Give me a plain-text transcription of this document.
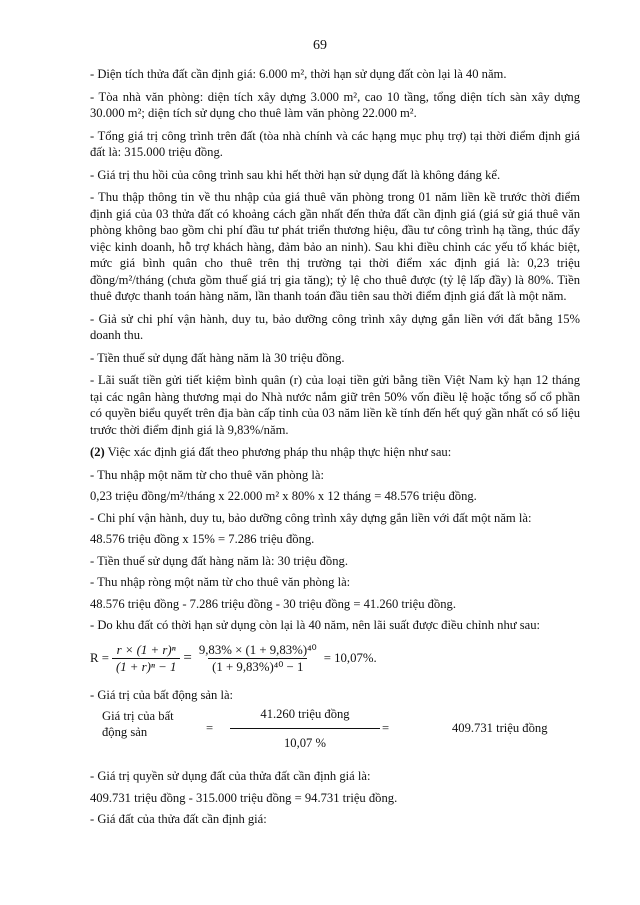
69

- Diện tích thửa đất cần định giá: 6.000 m², thời hạn sử dụng đất còn lại là 40 năm.

- Tòa nhà văn phòng: diện tích xây dựng 3.000 m², cao 10 tầng, tổng diện tích sàn xây dựng 30.000 m²; diện tích sử dụng cho thuê làm văn phòng 22.000 m².

- Tổng giá trị công trình trên đất (tòa nhà chính và các hạng mục phụ trợ) tại thời điểm định giá đất là: 315.000 triệu đồng.

- Giá trị thu hồi của công trình sau khi hết thời hạn sử dụng đất là không đáng kể.

- Thu thập thông tin về thu nhập của giá thuê văn phòng trong 01 năm liền kề trước thời điểm định giá của 03 thửa đất có khoảng cách gần nhất đến thửa đất cần định giá (giá sử giá thuê văn phòng không bao gồm chi phí đầu tư phát triển thương hiệu, đầu tư công trình hạ tầng, thúc đẩy việc kinh doanh, hỗ trợ khách hàng, đảm bảo an ninh). Sau khi điều chỉnh các yếu tố khác biệt, mức giá bình quân cho thuê trên thị trường tại thời điểm xác định giá là: 0,23 triệu đồng/m²/tháng (chưa gồm thuế giá trị gia tăng); tỷ lệ cho thuê được (tỷ lệ lấp đầy) là 80%. Tiền thuê được thanh toán hàng năm, lần thanh toán đầu tiên sau thời điểm định giá đất là một năm.

- Giả sử chi phí vận hành, duy tu, bảo dưỡng công trình xây dựng gắn liền với đất bằng 15% doanh thu.

- Tiền thuế sử dụng đất hàng năm là 30 triệu đồng.

- Lãi suất tiền gửi tiết kiệm bình quân (r) của loại tiền gửi bằng tiền Việt Nam kỳ hạn 12 tháng tại các ngân hàng thương mại do Nhà nước nắm giữ trên 50% vốn điều lệ hoặc tổng số cổ phần có quyền biểu quyết trên địa bàn cấp tỉnh của 03 năm liền kề tính đến hết quý gần nhất có số liệu trước thời điểm định giá là 9,83%/năm.

(2) Việc xác định giá đất theo phương pháp thu nhập thực hiện như sau:

- Thu nhập một năm từ cho thuê văn phòng là:

0,23 triệu đồng/m²/tháng x 22.000 m² x 80% x 12 tháng = 48.576 triệu đồng.

- Chi phí vận hành, duy tu, bảo dưỡng công trình xây dựng gắn liền với đất một năm là:

48.576 triệu đồng x 15% = 7.286 triệu đồng.

- Tiền thuế sử dụng đất hàng năm là: 30 triệu đồng.

- Thu nhập ròng một năm từ cho thuê văn phòng là:

48.576 triệu đồng - 7.286 triệu đồng - 30 triệu đồng = 41.260 triệu đồng.

- Do khu đất có thời hạn sử dụng còn lại là 40 năm, nên lãi suất được điều chỉnh như sau:

$R = \frac{\text{r × (1 + r)ⁿ}}{\text{(1 + r)ⁿ − 1}} = \frac{\text{9,83\% × (1 + 9,83\%)⁴⁰}}{\text{(1 + 9,83\%)⁴⁰ − 1}} = 10,07\%$.

- Giá trị của bất động sản là:

Giá trị của bất động sản	=
41.260 triệu đồng
10,07 %
=	409.731 triệu đồng

- Giá trị quyền sử dụng đất của thửa đất cần định giá là:

409.731 triệu đồng - 315.000 triệu đồng = 94.731 triệu đồng.

- Giá đất của thửa đất cần định giá:
